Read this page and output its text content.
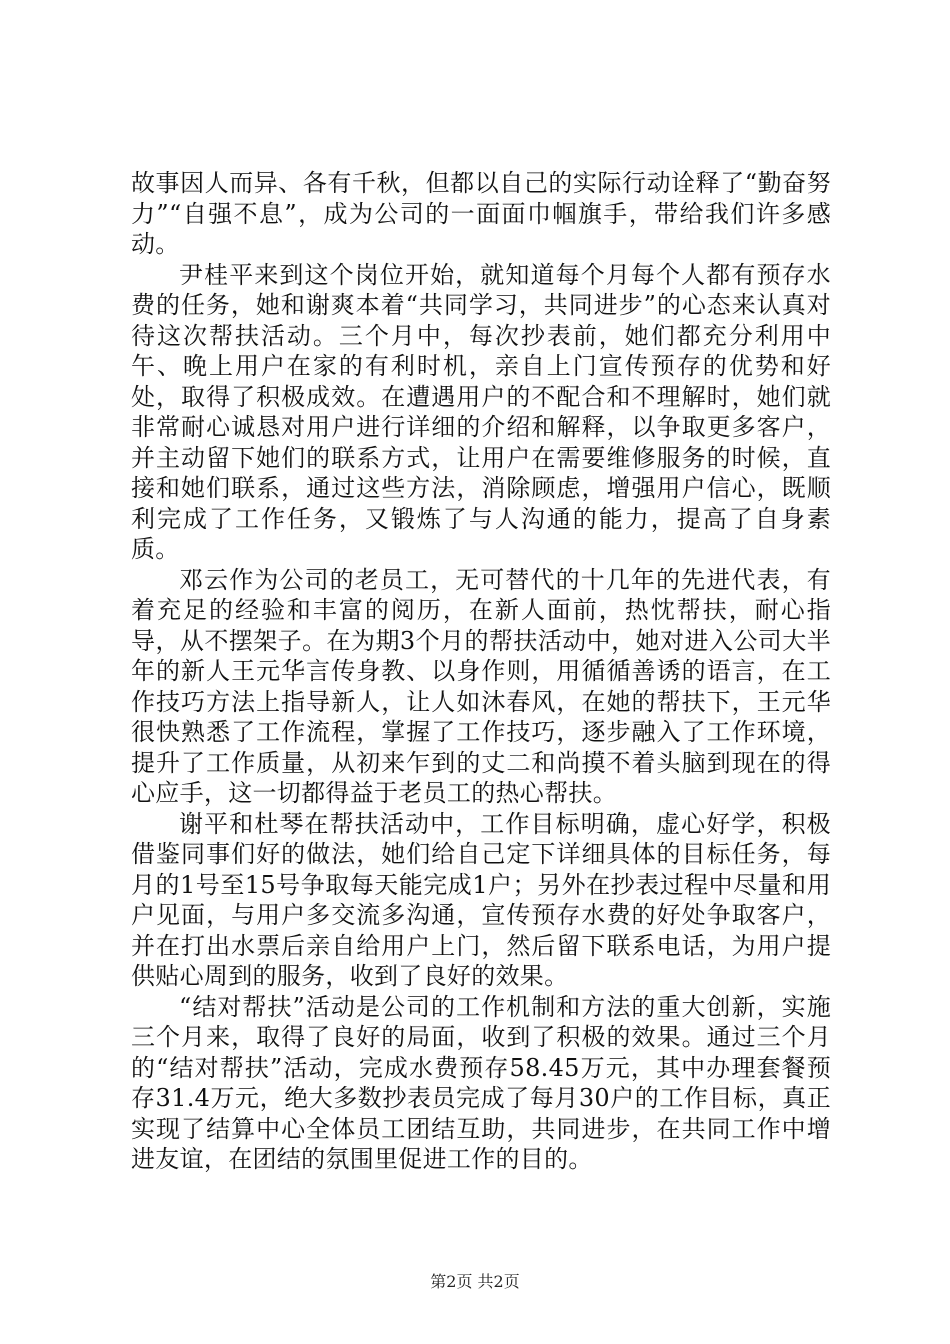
故事因人而异、各有千秋，但都以自己的实际行动诠释了“勤奋努力”“自强不息”，成为公司的一面面巾帼旗手，带给我们许多感动。

尹桂平来到这个岗位开始，就知道每个月每个人都有预存水费的任务，她和谢爽本着“共同学习，共同进步”的心态来认真对待这次帮扶活动。三个月中，每次抄表前，她们都充分利用中午、晚上用户在家的有利时机，亲自上门宣传预存的优势和好处，取得了积极成效。在遭遇用户的不配合和不理解时，她们就非常耐心诚恳对用户进行详细的介绍和解释，以争取更多客户，并主动留下她们的联系方式，让用户在需要维修服务的时候，直接和她们联系，通过这些方法，消除顾虑，增强用户信心，既顺利完成了工作任务，又锻炼了与人沟通的能力，提高了自身素质。

邓云作为公司的老员工，无可替代的十几年的先进代表，有着充足的经验和丰富的阅历，在新人面前，热忱帮扶，耐心指导，从不摆架子。在为期3个月的帮扶活动中，她对进入公司大半年的新人王元华言传身教、以身作则，用循循善诱的语言，在工作技巧方法上指导新人，让人如沐春风，在她的帮扶下，王元华很快熟悉了工作流程，掌握了工作技巧，逐步融入了工作环境，提升了工作质量，从初来乍到的丈二和尚摸不着头脑到现在的得心应手，这一切都得益于老员工的热心帮扶。

谢平和杜琴在帮扶活动中，工作目标明确，虚心好学，积极借鉴同事们好的做法，她们给自己定下详细具体的目标任务，每月的1号至15号争取每天能完成1户；另外在抄表过程中尽量和用户见面，与用户多交流多沟通，宣传预存水费的好处争取客户，并在打出水票后亲自给用户上门，然后留下联系电话，为用户提供贴心周到的服务，收到了良好的效果。

“结对帮扶”活动是公司的工作机制和方法的重大创新，实施三个月来，取得了良好的局面，收到了积极的效果。通过三个月的“结对帮扶”活动，完成水费预存58.45万元，其中办理套餐预存31.4万元，绝大多数抄表员完成了每月30户的工作目标，真正实现了结算中心全体员工团结互助，共同进步，在共同工作中增进友谊，在团结的氛围里促进工作的目的。

第2页 共2页
